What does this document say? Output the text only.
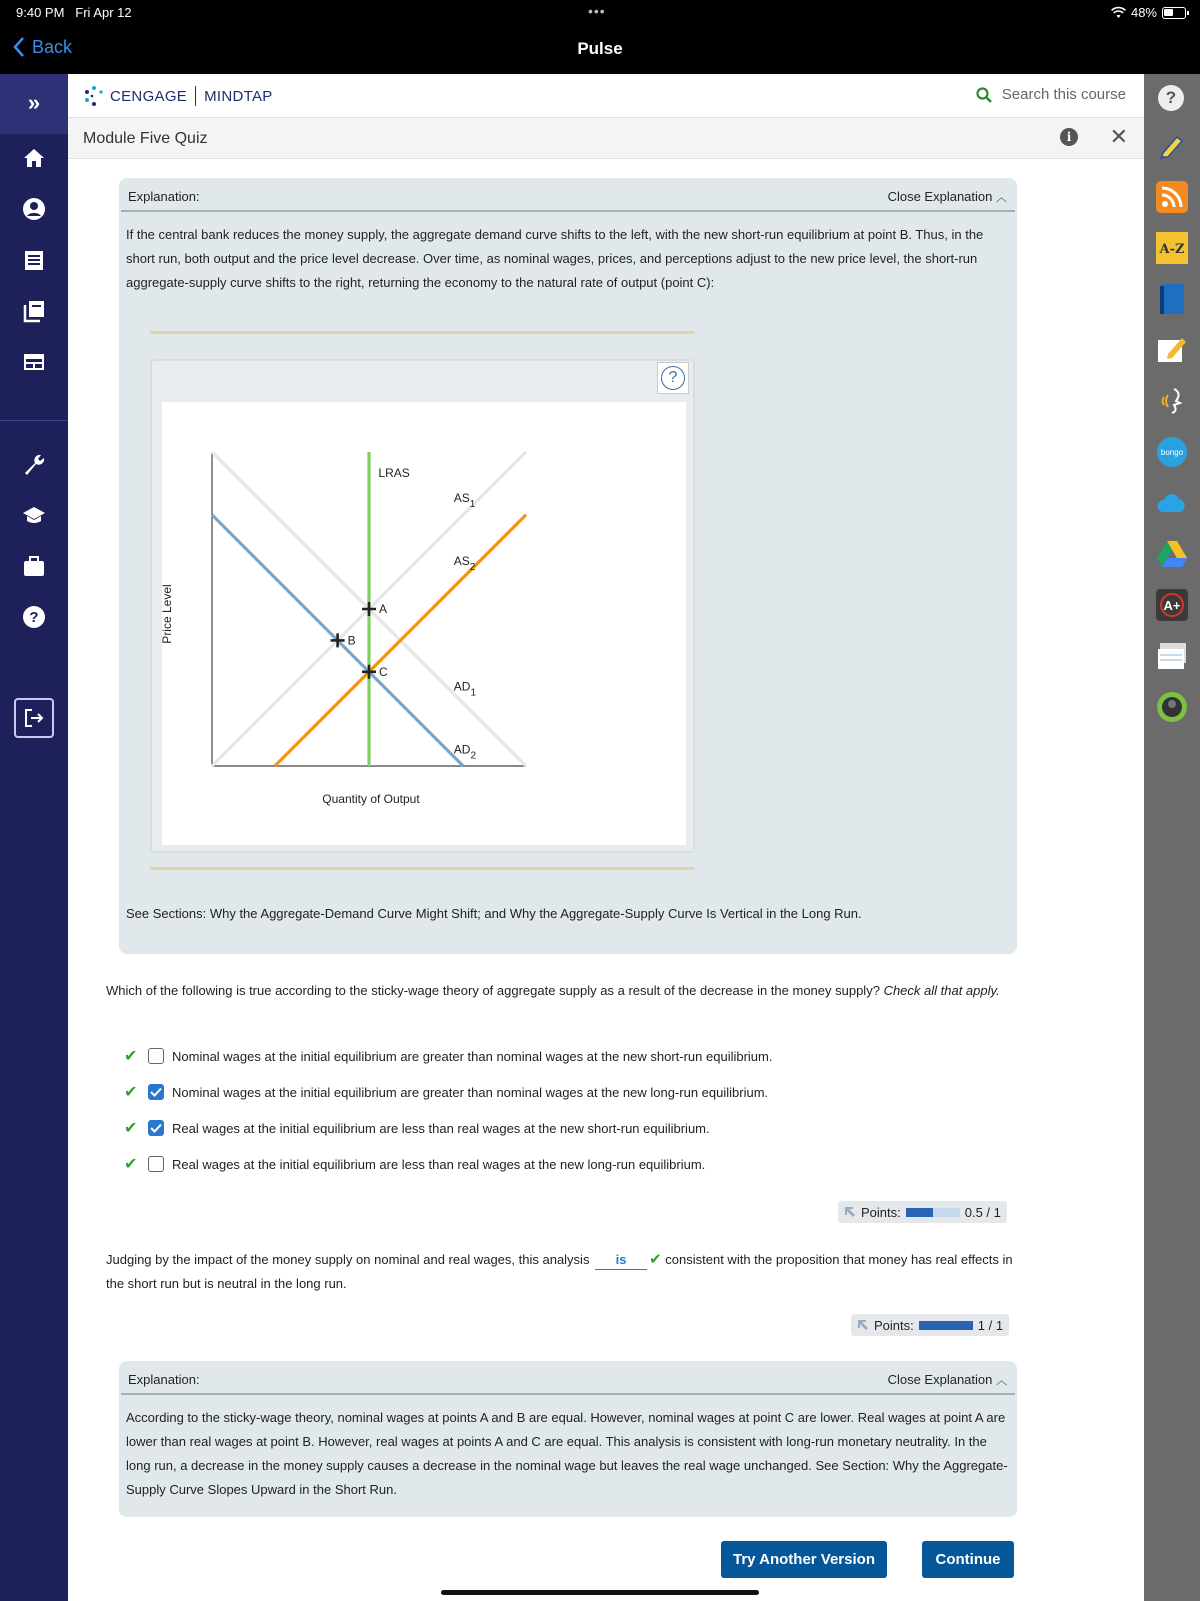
9:40 PM Fri Apr 12	•••	48%
Back	Pulse
»
?
?
A-Z
bongo
A+
CENGAGE MINDTAP	Search this course
Module Five Quiz	i	✕
Explanation:	Close Explanation ︿
If the central bank reduces the money supply, the aggregate demand curve shifts to the left, with the new short-run equilibrium at point B. Thus, in the short run, both output and the price level decrease. Over time, as nominal wages, prices, and perceptions adjust to the new price level, the short-run aggregate-supply curve shifts to the right, returning the economy to the natural rate of output (point C):
?
LRAS
$AS_1$
$AS_2$
$AD_1$
$AD_2$
A
B
C
Quantity of Output
Price Level
See Sections: Why the Aggregate-Demand Curve Might Shift; and Why the Aggregate-Supply Curve Is Vertical in the Long Run.
Which of the following is true according to the sticky-wage theory of aggregate supply as a result of the decrease in the money supply? Check all that apply.
✔	Nominal wages at the initial equilibrium are greater than nominal wages at the new short-run equilibrium.
✔	Nominal wages at the initial equilibrium are greater than nominal wages at the new long-run equilibrium.
✔	Real wages at the initial equilibrium are less than real wages at the new short-run equilibrium.
✔	Real wages at the initial equilibrium are less than real wages at the new long-run equilibrium.
Points:	0.5 / 1
Judging by the impact of the money supply on nominal and real wages, this analysis is ✔ consistent with the proposition that money has real effects in the short run but is neutral in the long run.
Points:	1 / 1
Explanation:	Close Explanation ︿
According to the sticky-wage theory, nominal wages at points A and B are equal. However, nominal wages at point C are lower. Real wages at point A are lower than real wages at point B. However, real wages at points A and C are equal. This analysis is consistent with long-run monetary neutrality. In the long run, a decrease in the money supply causes a decrease in the nominal wage but leaves the real wage unchanged. See Section: Why the Aggregate-Supply Curve Slopes Upward in the Short Run.
Try Another Version	Continue
